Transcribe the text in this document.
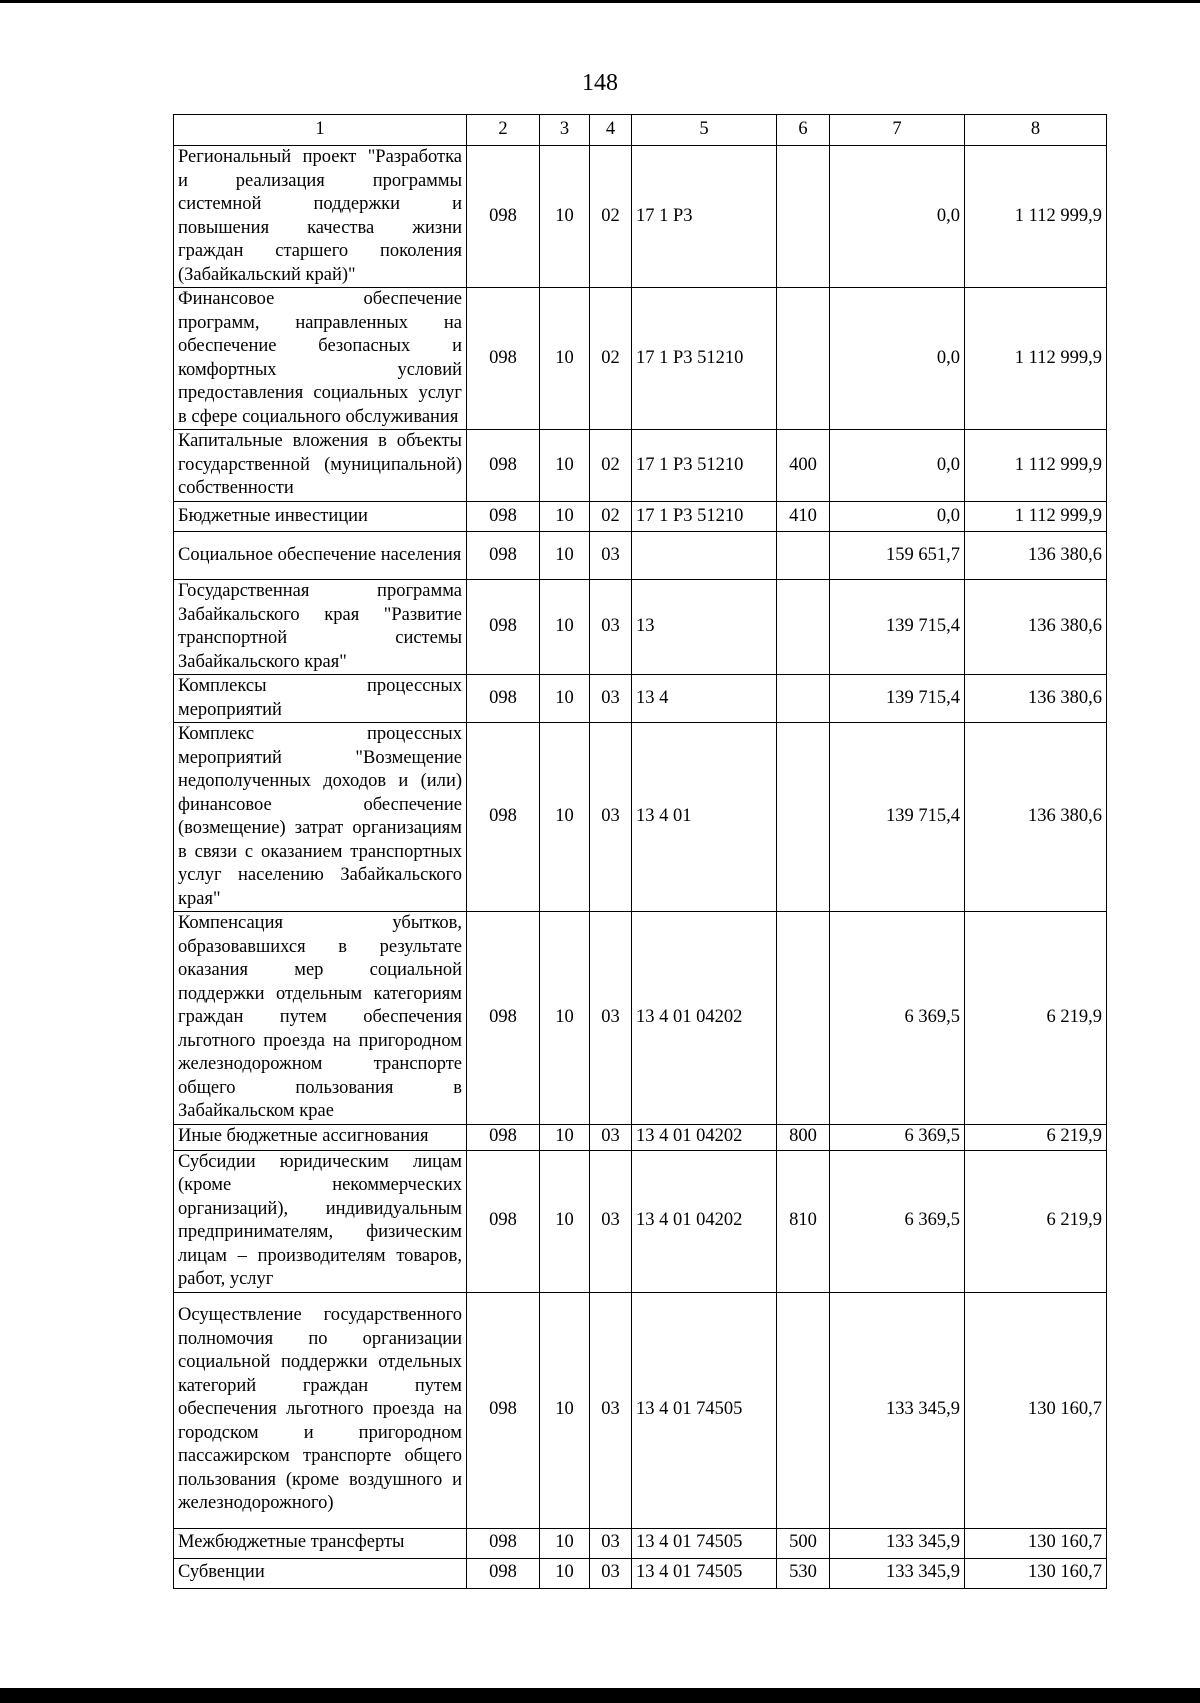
148
1	2	3	4	5	6	7	8
Региональный проект "Разработка и реализация программы системной поддержки и повышения качества жизни граждан старшего поколения (Забайкальский край)"	098	10	02	17 1 Р3		0,0	1 112 999,9
Финансовое обеспечение программ, направленных на обеспечение безопасных и комфортных условий предоставления социальных услуг в сфере социального обслуживания	098	10	02	17 1 Р3 51210		0,0	1 112 999,9
Капитальные вложения в объекты государственной (муниципальной) собственности	098	10	02	17 1 Р3 51210	400	0,0	1 112 999,9
Бюджетные инвестиции	098	10	02	17 1 Р3 51210	410	0,0	1 112 999,9
Социальное обеспечение населения	098	10	03			159 651,7	136 380,6
Государственная программа Забайкальского края "Развитие транспортной системы Забайкальского края"	098	10	03	13		139 715,4	136 380,6
Комплексы процессных мероприятий	098	10	03	13 4		139 715,4	136 380,6
Комплекс процессных мероприятий "Возмещение недополученных доходов и (или) финансовое обеспечение (возмещение) затрат организациям в связи с оказанием транспортных услуг населению Забайкальского края"	098	10	03	13 4 01		139 715,4	136 380,6
Компенсация убытков, образовавшихся в результате оказания мер социальной поддержки отдельным категориям граждан путем обеспечения льготного проезда на пригородном железнодорожном транспорте общего пользования в Забайкальском крае	098	10	03	13 4 01 04202		6 369,5	6 219,9
Иные бюджетные ассигнования	098	10	03	13 4 01 04202	800	6 369,5	6 219,9
Субсидии юридическим лицам (кроме некоммерческих организаций), индивидуальным предпринимателям, физическим лицам – производителям товаров, работ, услуг	098	10	03	13 4 01 04202	810	6 369,5	6 219,9
Осуществление государственного полномочия по организации социальной поддержки отдельных категорий граждан путем обеспечения льготного проезда на городском и пригородном пассажирском транспорте общего пользования (кроме воздушного и железнодорожного)	098	10	03	13 4 01 74505		133 345,9	130 160,7
Межбюджетные трансферты	098	10	03	13 4 01 74505	500	133 345,9	130 160,7
Субвенции	098	10	03	13 4 01 74505	530	133 345,9	130 160,7
